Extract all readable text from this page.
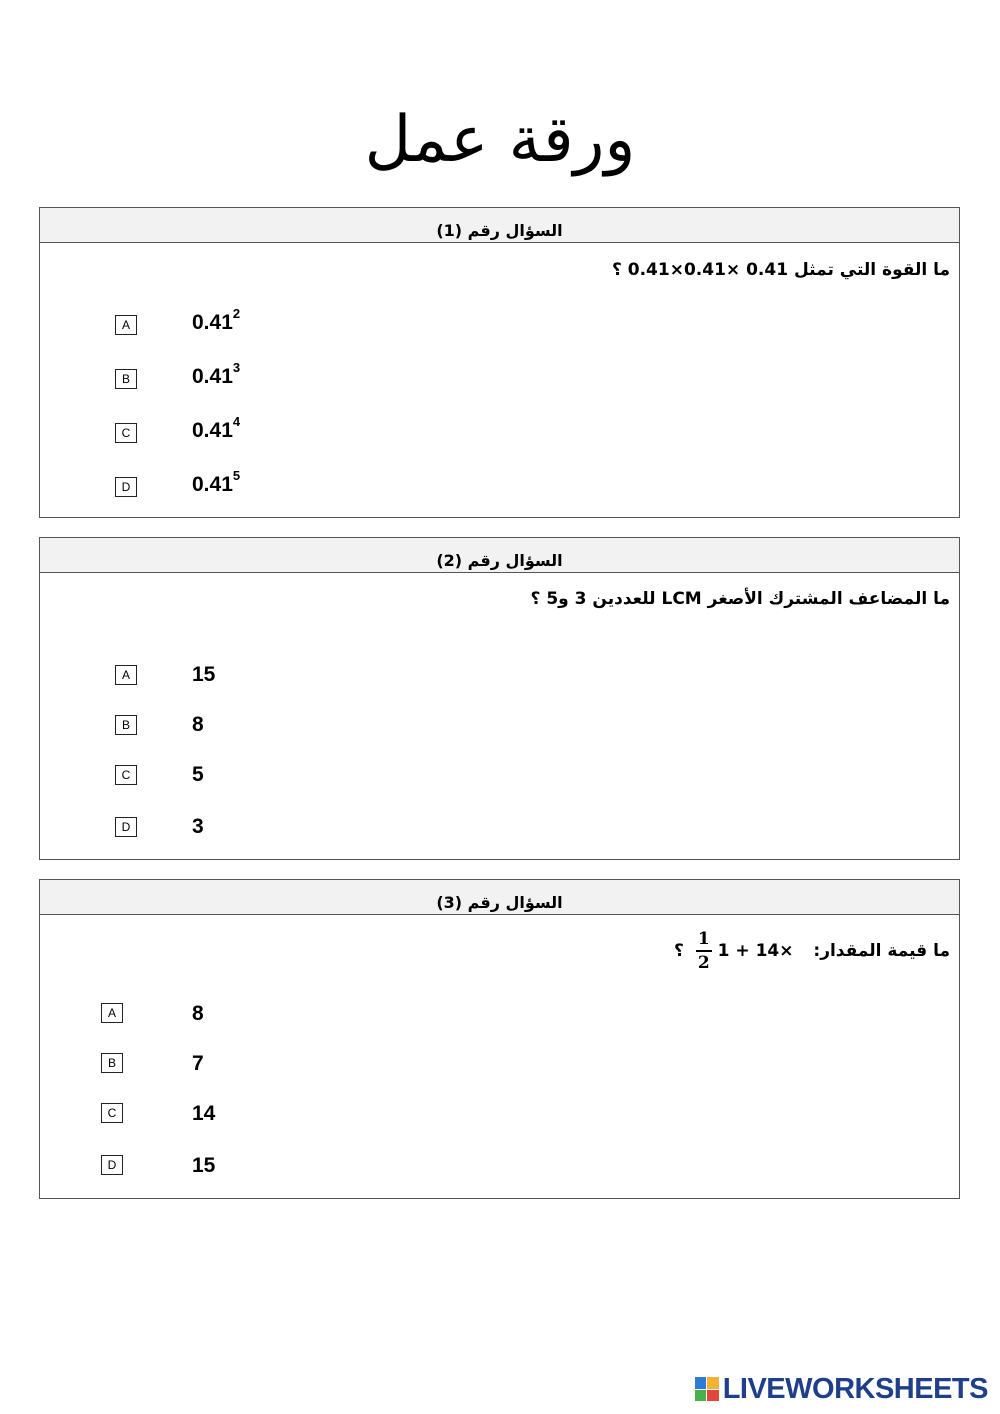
ورقة عمل
السؤال رقم (1)
ما القوة التي تمثل 0.41 ×0.41×0.41 ؟
A	0.41$^2$
B	0.41$^3$
C	0.41$^4$
D	0.41$^5$
السؤال رقم (2)
ما المضاعف المشترك الأصغر LCM للعددين 3 و5 ؟
A	15
B	8
C	5
D	3
السؤال رقم (3)
ما قيمة المقدار:
$\frac{1}{2} 1 + 14\times$ ؟
A	8
B	7
C	14
D	15
LIVEWORKSHEETS
